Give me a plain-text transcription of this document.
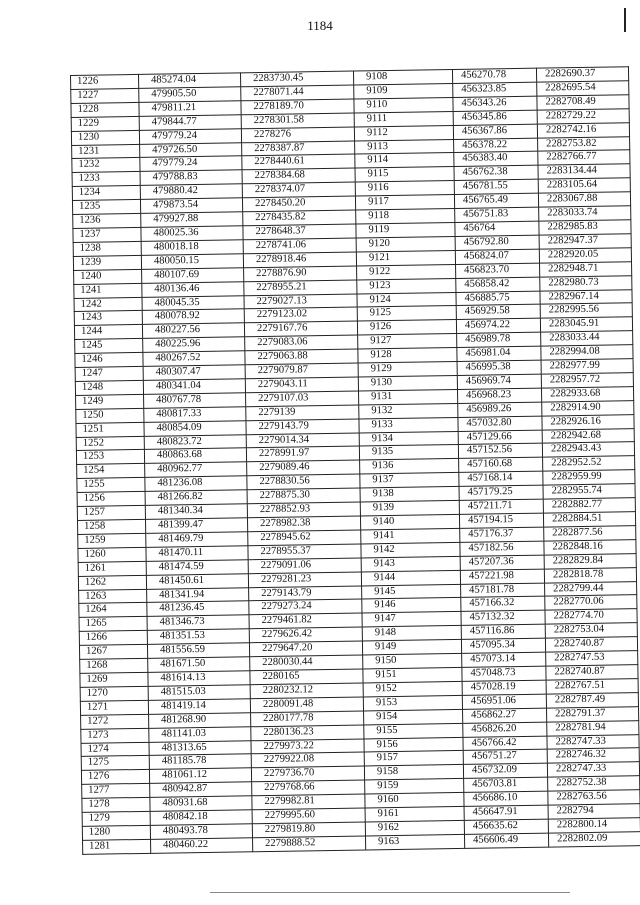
1184
1226	485274.04	2283730.45	9108	456270.78	2282690.37
1227	479905.50	2278071.44	9109	456323.85	2282695.54
1228	479811.21	2278189.70	9110	456343.26	2282708.49
1229	479844.77	2278301.58	9111	456345.86	2282729.22
1230	479779.24	2278276	9112	456367.86	2282742.16
1231	479726.50	2278387.87	9113	456378.22	2282753.82
1232	479779.24	2278440.61	9114	456383.40	2282766.77
1233	479788.83	2278384.68	9115	456762.38	2283134.44
1234	479880.42	2278374.07	9116	456781.55	2283105.64
1235	479873.54	2278450.20	9117	456765.49	2283067.88
1236	479927.88	2278435.82	9118	456751.83	2283033.74
1237	480025.36	2278648.37	9119	456764	2282985.83
1238	480018.18	2278741.06	9120	456792.80	2282947.37
1239	480050.15	2278918.46	9121	456824.07	2282920.05
1240	480107.69	2278876.90	9122	456823.70	2282948.71
1241	480136.46	2278955.21	9123	456858.42	2282980.73
1242	480045.35	2279027.13	9124	456885.75	2282967.14
1243	480078.92	2279123.02	9125	456929.58	2282995.56
1244	480227.56	2279167.76	9126	456974.22	2283045.91
1245	480225.96	2279083.06	9127	456989.78	2283033.44
1246	480267.52	2279063.88	9128	456981.04	2282994.08
1247	480307.47	2279079.87	9129	456995.38	2282977.99
1248	480341.04	2279043.11	9130	456969.74	2282957.72
1249	480767.78	2279107.03	9131	456968.23	2282933.68
1250	480817.33	2279139	9132	456989.26	2282914.90
1251	480854.09	2279143.79	9133	457032.80	2282926.16
1252	480823.72	2279014.34	9134	457129.66	2282942.68
1253	480863.68	2278991.97	9135	457152.56	2282943.43
1254	480962.77	2279089.46	9136	457160.68	2282952.52
1255	481236.08	2278830.56	9137	457168.14	2282959.99
1256	481266.82	2278875.30	9138	457179.25	2282955.74
1257	481340.34	2278852.93	9139	457211.71	2282882.77
1258	481399.47	2278982.38	9140	457194.15	2282884.51
1259	481469.79	2278945.62	9141	457176.37	2282877.56
1260	481470.11	2278955.37	9142	457182.56	2282848.16
1261	481474.59	2279091.06	9143	457207.36	2282829.84
1262	481450.61	2279281.23	9144	457221.98	2282818.78
1263	481341.94	2279143.79	9145	457181.78	2282799.44
1264	481236.45	2279273.24	9146	457166.32	2282770.06
1265	481346.73	2279461.82	9147	457132.32	2282774.70
1266	481351.53	2279626.42	9148	457116.86	2282753.04
1267	481556.59	2279647.20	9149	457095.34	2282740.87
1268	481671.50	2280030.44	9150	457073.14	2282747.53
1269	481614.13	2280165	9151	457048.73	2282740.87
1270	481515.03	2280232.12	9152	457028.19	2282767.51
1271	481419.14	2280091.48	9153	456951.06	2282787.49
1272	481268.90	2280177.78	9154	456862.27	2282791.37
1273	481141.03	2280136.23	9155	456826.20	2282781.94
1274	481313.65	2279973.22	9156	456766.42	2282747.33
1275	481185.78	2279922.08	9157	456751.27	2282746.32
1276	481061.12	2279736.70	9158	456732.09	2282747.33
1277	480942.87	2279768.66	9159	456703.81	2282752.38
1278	480931.68	2279982.81	9160	456686.10	2282763.56
1279	480842.18	2279995.60	9161	456647.91	2282794
1280	480493.78	2279819.80	9162	456635.62	2282800.14
1281	480460.22	2279888.52	9163	456606.49	2282802.09
